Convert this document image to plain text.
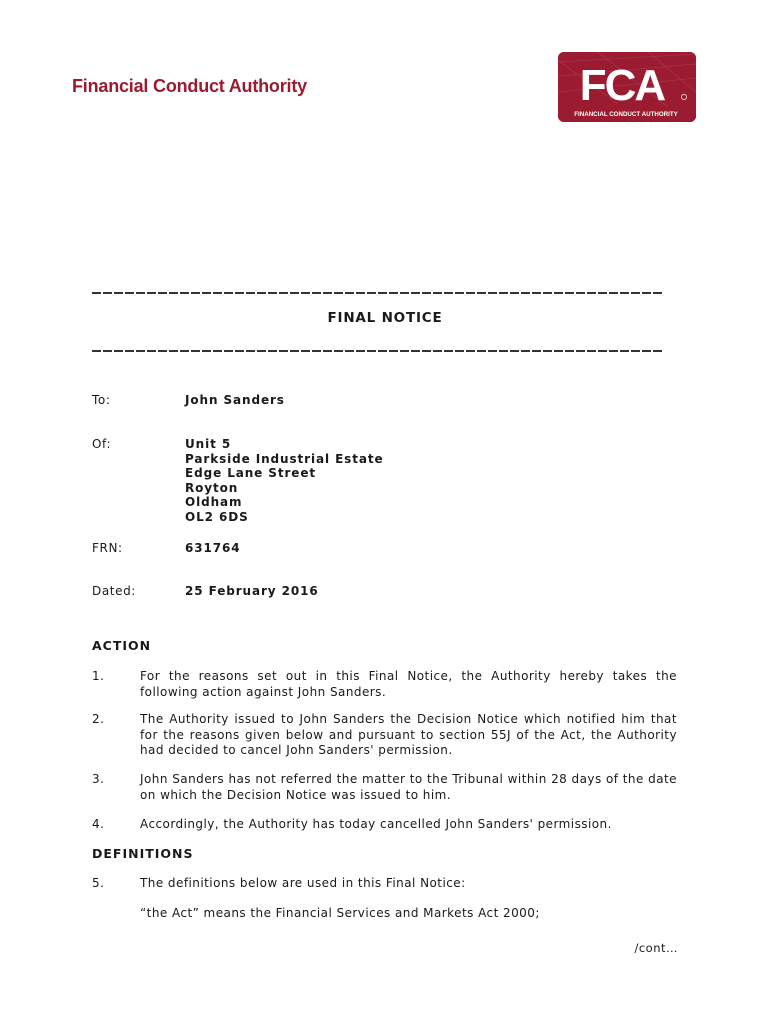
Financial Conduct Authority	FCA
FINANCIAL CONDUCT AUTHORITY
FINAL NOTICE
To:	John Sanders
Of:	Unit 5
Parkside Industrial Estate
Edge Lane Street
Royton
Oldham
OL2 6DS
FRN:	631764
Dated:	25 February 2016
ACTION
1.	For the reasons set out in this Final Notice, the Authority hereby takes the following action against John Sanders.
2.	The Authority issued to John Sanders the Decision Notice which notified him that for the reasons given below and pursuant to section 55J of the Act, the Authority had decided to cancel John Sanders' permission.
3.	John Sanders has not referred the matter to the Tribunal within 28 days of the date on which the Decision Notice was issued to him.
4.	Accordingly, the Authority has today cancelled John Sanders' permission.
DEFINITIONS
5.	The definitions below are used in this Final Notice:
“the Act” means the Financial Services and Markets Act 2000;
/cont…
